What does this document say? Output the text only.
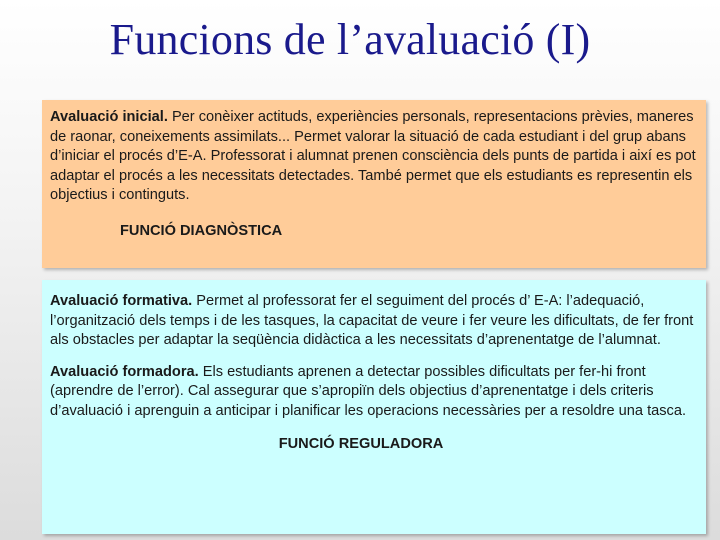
Funcions de l’avaluació (I)

Avaluació inicial. Per conèixer actituds, experiències personals, representacions prèvies, maneres de raonar, coneixements assimilats... Permet valorar la situació de cada estudiant i del grup abans d’iniciar el procés d’E-A. Professorat i alumnat prenen consciència dels punts de partida i així es pot adaptar el procés a les necessitats detectades. També permet que els estudiants es representin els objectius i continguts.

FUNCIÓ DIAGNÒSTICA

Avaluació formativa. Permet al professorat fer el seguiment del procés d’ E-A: l’adequació, l’organització dels temps i de les tasques, la capacitat de veure i fer veure les dificultats, de fer front als obstacles per adaptar la seqüència didàctica a les necessitats d’aprenentatge de l’alumnat.

Avaluació formadora. Els estudiants aprenen a detectar possibles dificultats per fer-hi front (aprendre de l’error). Cal assegurar que s’apropiïn dels objectius d’aprenentatge i dels criteris d’avaluació i aprenguin a anticipar i planificar les operacions necessàries per a resoldre una tasca.

FUNCIÓ REGULADORA
